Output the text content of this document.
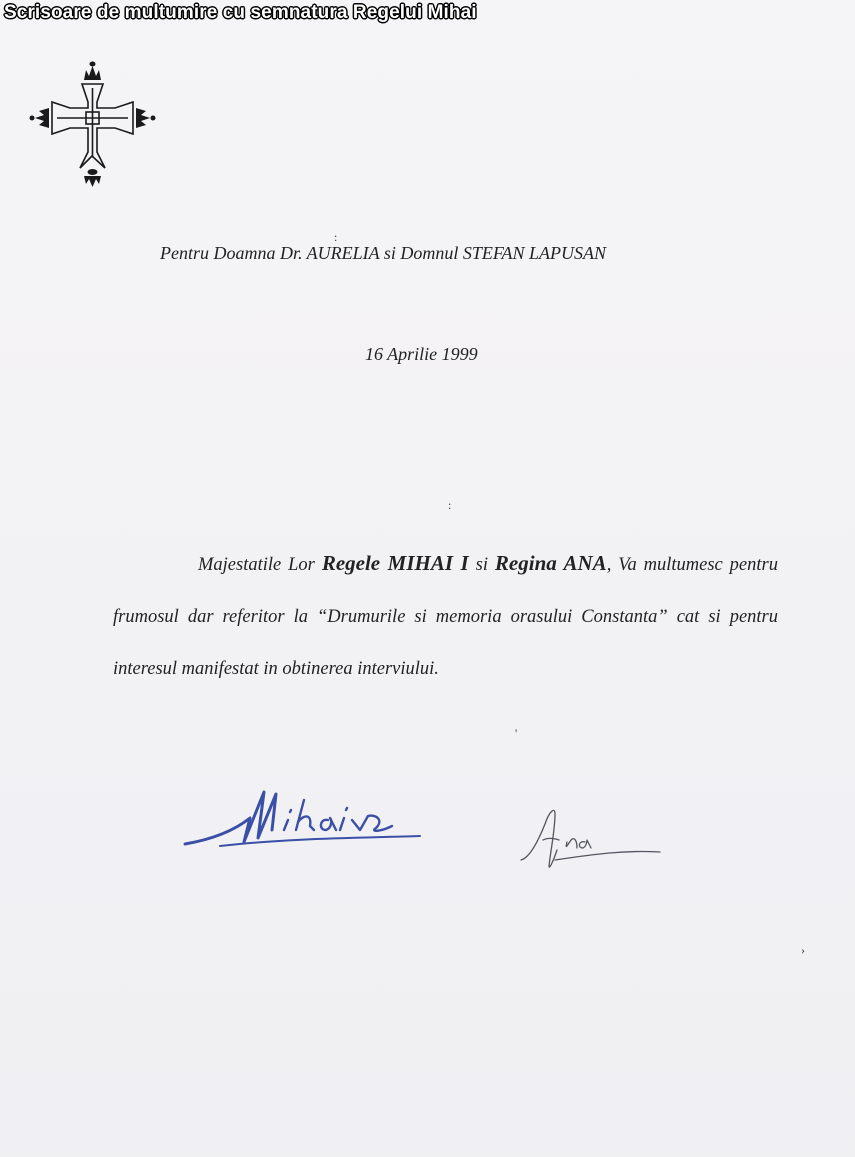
Scrisoare de multumire cu semnatura Regelui Mihai
Pentru Doamna Dr. AURELIA si Domnul STEFAN LAPUSAN
16 Aprilie 1999
:
:
'
Majestatile Lor Regele MIHAI I si Regina ANA, Va multumesc pentru frumosul dar referitor la “Drumurile si memoria orasului Constanta” cat si pentru interesul manifestat in obtinerea interviului.
›
